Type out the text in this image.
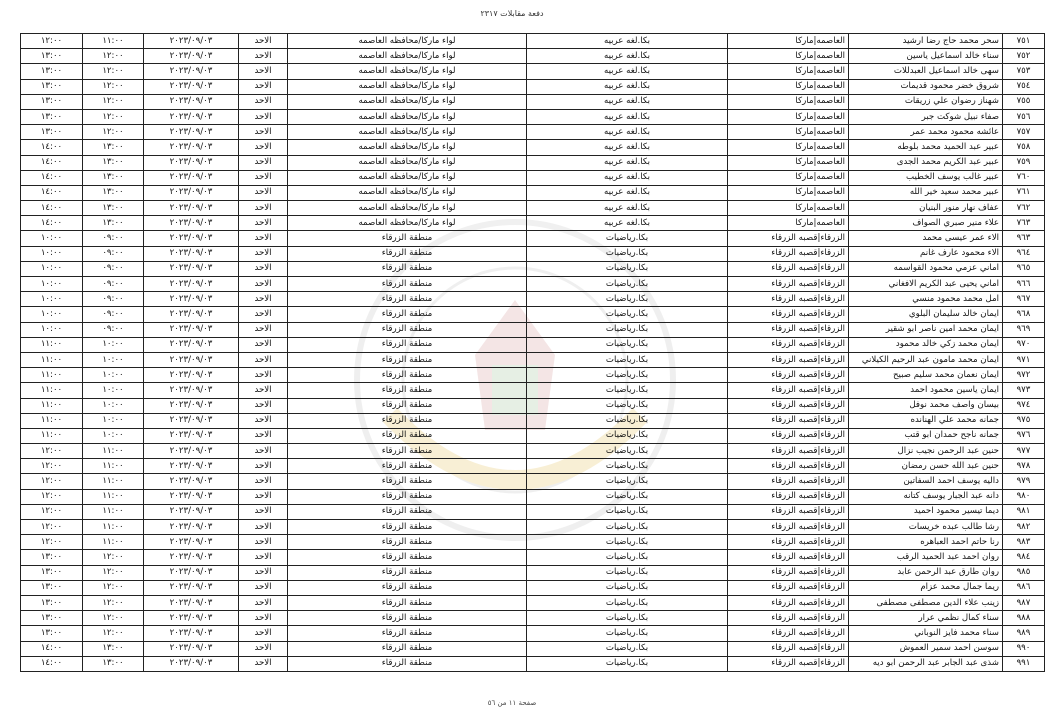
دفعة مقابلات ٢٣١٧
٧٥١	سحر محمد حاج رضا ارشيد	العاصمه|ماركا	بكا.لغه عربيه	لواء ماركا/محافظه العاصمه	الاحد	٢٠٢٣/٠٩/٠٣	١١:٠٠	١٢:٠٠
٧٥٢	سناء خالد اسماعيل ياسين	العاصمه|ماركا	بكا.لغه عربيه	لواء ماركا/محافظه العاصمه	الاحد	٢٠٢٣/٠٩/٠٣	١٢:٠٠	١٣:٠٠
٧٥٣	سهى خالد اسماعيل العبدللات	العاصمه|ماركا	بكا.لغه عربيه	لواء ماركا/محافظه العاصمه	الاحد	٢٠٢٣/٠٩/٠٣	١٢:٠٠	١٣:٠٠
٧٥٤	شروق خضر محمود قديمات	العاصمه|ماركا	بكا.لغه عربيه	لواء ماركا/محافظه العاصمه	الاحد	٢٠٢٣/٠٩/٠٣	١٢:٠٠	١٣:٠٠
٧٥٥	شهناز رضوان علي زريقات	العاصمه|ماركا	بكا.لغه عربيه	لواء ماركا/محافظه العاصمه	الاحد	٢٠٢٣/٠٩/٠٣	١٢:٠٠	١٣:٠٠
٧٥٦	صفاء نبيل شوكت جبر	العاصمه|ماركا	بكا.لغه عربيه	لواء ماركا/محافظه العاصمه	الاحد	٢٠٢٣/٠٩/٠٣	١٢:٠٠	١٣:٠٠
٧٥٧	عائشه محمود محمد عمر	العاصمه|ماركا	بكا.لغه عربيه	لواء ماركا/محافظه العاصمه	الاحد	٢٠٢٣/٠٩/٠٣	١٢:٠٠	١٣:٠٠
٧٥٨	عبير عبد الحميد محمد بلوطه	العاصمه|ماركا	بكا.لغه عربيه	لواء ماركا/محافظه العاصمه	الاحد	٢٠٢٣/٠٩/٠٣	١٣:٠٠	١٤:٠٠
٧٥٩	عبير عبد الكريم محمد الجدى	العاصمه|ماركا	بكا.لغه عربيه	لواء ماركا/محافظه العاصمه	الاحد	٢٠٢٣/٠٩/٠٣	١٣:٠٠	١٤:٠٠
٧٦٠	عبير غالب يوسف الخطيب	العاصمه|ماركا	بكا.لغه عربيه	لواء ماركا/محافظه العاصمه	الاحد	٢٠٢٣/٠٩/٠٣	١٣:٠٠	١٤:٠٠
٧٦١	عبير محمد سعيد خير الله	العاصمه|ماركا	بكا.لغه عربيه	لواء ماركا/محافظه العاصمه	الاحد	٢٠٢٣/٠٩/٠٣	١٣:٠٠	١٤:٠٠
٧٦٢	عفاف نهار منور البنيان	العاصمه|ماركا	بكا.لغه عربيه	لواء ماركا/محافظه العاصمه	الاحد	٢٠٢٣/٠٩/٠٣	١٣:٠٠	١٤:٠٠
٧٦٣	علاء منير صبري الصواف	العاصمه|ماركا	بكا.لغه عربيه	لواء ماركا/محافظه العاصمه	الاحد	٢٠٢٣/٠٩/٠٣	١٣:٠٠	١٤:٠٠
٩٦٣	الاء عمر عيسى محمد	الزرقاء|قصبه الزرقاء	بكا.رياضيات	منطقة الزرقاء	الاحد	٢٠٢٣/٠٩/٠٣	٠٩:٠٠	١٠:٠٠
٩٦٤	الاء محمود عارف غانم	الزرقاء|قصبه الزرقاء	بكا.رياضيات	منطقة الزرقاء	الاحد	٢٠٢٣/٠٩/٠٣	٠٩:٠٠	١٠:٠٠
٩٦٥	اماني عزمي محمود القواسمه	الزرقاء|قصبه الزرقاء	بكا.رياضيات	منطقة الزرقاء	الاحد	٢٠٢٣/٠٩/٠٣	٠٩:٠٠	١٠:٠٠
٩٦٦	اماني يحيى عبد الكريم الافغاني	الزرقاء|قصبه الزرقاء	بكا.رياضيات	منطقة الزرقاء	الاحد	٢٠٢٣/٠٩/٠٣	٠٩:٠٠	١٠:٠٠
٩٦٧	امل محمد محمود منسي	الزرقاء|قصبه الزرقاء	بكا.رياضيات	منطقة الزرقاء	الاحد	٢٠٢٣/٠٩/٠٣	٠٩:٠٠	١٠:٠٠
٩٦٨	ايمان خالد سليمان البلوي	الزرقاء|قصبه الزرقاء	بكا.رياضيات	منطقة الزرقاء	الاحد	٢٠٢٣/٠٩/٠٣	٠٩:٠٠	١٠:٠٠
٩٦٩	ايمان محمد امين ناصر ابو شقير	الزرقاء|قصبه الزرقاء	بكا.رياضيات	منطقة الزرقاء	الاحد	٢٠٢٣/٠٩/٠٣	٠٩:٠٠	١٠:٠٠
٩٧٠	ايمان محمد زكي خالد محمود	الزرقاء|قصبه الزرقاء	بكا.رياضيات	منطقة الزرقاء	الاحد	٢٠٢٣/٠٩/٠٣	١٠:٠٠	١١:٠٠
٩٧١	ايمان محمد مامون عبد الرحيم الكيلاني	الزرقاء|قصبه الزرقاء	بكا.رياضيات	منطقة الزرقاء	الاحد	٢٠٢٣/٠٩/٠٣	١٠:٠٠	١١:٠٠
٩٧٢	ايمان نعمان محمد سليم صبيح	الزرقاء|قصبه الزرقاء	بكا.رياضيات	منطقة الزرقاء	الاحد	٢٠٢٣/٠٩/٠٣	١٠:٠٠	١١:٠٠
٩٧٣	ايمان ياسين محمود احمد	الزرقاء|قصبه الزرقاء	بكا.رياضيات	منطقة الزرقاء	الاحد	٢٠٢٣/٠٩/٠٣	١٠:٠٠	١١:٠٠
٩٧٤	بيسان واصف محمد نوفل	الزرقاء|قصبه الزرقاء	بكا.رياضيات	منطقة الزرقاء	الاحد	٢٠٢٣/٠٩/٠٣	١٠:٠٠	١١:٠٠
٩٧٥	جمانه محمد علي الهنانده	الزرقاء|قصبه الزرقاء	بكا.رياضيات	منطقة الزرقاء	الاحد	٢٠٢٣/٠٩/٠٣	١٠:٠٠	١١:٠٠
٩٧٦	جمانه ناجح حمدان ابو قتب	الزرقاء|قصبه الزرقاء	بكا.رياضيات	منطقة الزرقاء	الاحد	٢٠٢٣/٠٩/٠٣	١٠:٠٠	١١:٠٠
٩٧٧	حنين عبد الرحمن نجيب نزال	الزرقاء|قصبه الزرقاء	بكا.رياضيات	منطقة الزرقاء	الاحد	٢٠٢٣/٠٩/٠٣	١١:٠٠	١٢:٠٠
٩٧٨	حنين عبد الله حسن رمضان	الزرقاء|قصبه الزرقاء	بكا.رياضيات	منطقة الزرقاء	الاحد	٢٠٢٣/٠٩/٠٣	١١:٠٠	١٢:٠٠
٩٧٩	داليه يوسف احمد السفاتين	الزرقاء|قصبه الزرقاء	بكا.رياضيات	منطقة الزرقاء	الاحد	٢٠٢٣/٠٩/٠٣	١١:٠٠	١٢:٠٠
٩٨٠	دانه عبد الجبار يوسف كتانه	الزرقاء|قصبه الزرقاء	بكا.رياضيات	منطقة الزرقاء	الاحد	٢٠٢٣/٠٩/٠٣	١١:٠٠	١٢:٠٠
٩٨١	ديما تيسير محمود احميد	الزرقاء|قصبه الزرقاء	بكا.رياضيات	منطقة الزرقاء	الاحد	٢٠٢٣/٠٩/٠٣	١١:٠٠	١٢:٠٠
٩٨٢	رشا طالب عبده خريسات	الزرقاء|قصبه الزرقاء	بكا.رياضيات	منطقة الزرقاء	الاحد	٢٠٢٣/٠٩/٠٣	١١:٠٠	١٢:٠٠
٩٨٣	رنا حاتم احمد العباهره	الزرقاء|قصبه الزرقاء	بكا.رياضيات	منطقة الزرقاء	الاحد	٢٠٢٣/٠٩/٠٣	١١:٠٠	١٢:٠٠
٩٨٤	روان احمد عبد الحميد الرقب	الزرقاء|قصبه الزرقاء	بكا.رياضيات	منطقة الزرقاء	الاحد	٢٠٢٣/٠٩/٠٣	١٢:٠٠	١٣:٠٠
٩٨٥	روان طارق عبد الرحمن عابد	الزرقاء|قصبه الزرقاء	بكا.رياضيات	منطقة الزرقاء	الاحد	٢٠٢٣/٠٩/٠٣	١٢:٠٠	١٣:٠٠
٩٨٦	ريما جمال محمد عزام	الزرقاء|قصبه الزرقاء	بكا.رياضيات	منطقة الزرقاء	الاحد	٢٠٢٣/٠٩/٠٣	١٢:٠٠	١٣:٠٠
٩٨٧	زينب علاء الدين مصطفى مصطفى	الزرقاء|قصبه الزرقاء	بكا.رياضيات	منطقة الزرقاء	الاحد	٢٠٢٣/٠٩/٠٣	١٢:٠٠	١٣:٠٠
٩٨٨	سناء كمال نظمي عرار	الزرقاء|قصبه الزرقاء	بكا.رياضيات	منطقة الزرقاء	الاحد	٢٠٢٣/٠٩/٠٣	١٢:٠٠	١٣:٠٠
٩٨٩	سناء محمد فايز النوباني	الزرقاء|قصبه الزرقاء	بكا.رياضيات	منطقة الزرقاء	الاحد	٢٠٢٣/٠٩/٠٣	١٢:٠٠	١٣:٠٠
٩٩٠	سوسن احمد سمير العموش	الزرقاء|قصبه الزرقاء	بكا.رياضيات	منطقة الزرقاء	الاحد	٢٠٢٣/٠٩/٠٣	١٣:٠٠	١٤:٠٠
٩٩١	شذى عبد الجابر عبد الرحمن ابو ديه	الزرقاء|قصبه الزرقاء	بكا.رياضيات	منطقة الزرقاء	الاحد	٢٠٢٣/٠٩/٠٣	١٣:٠٠	١٤:٠٠
صفحة ١١ من ٥٦
